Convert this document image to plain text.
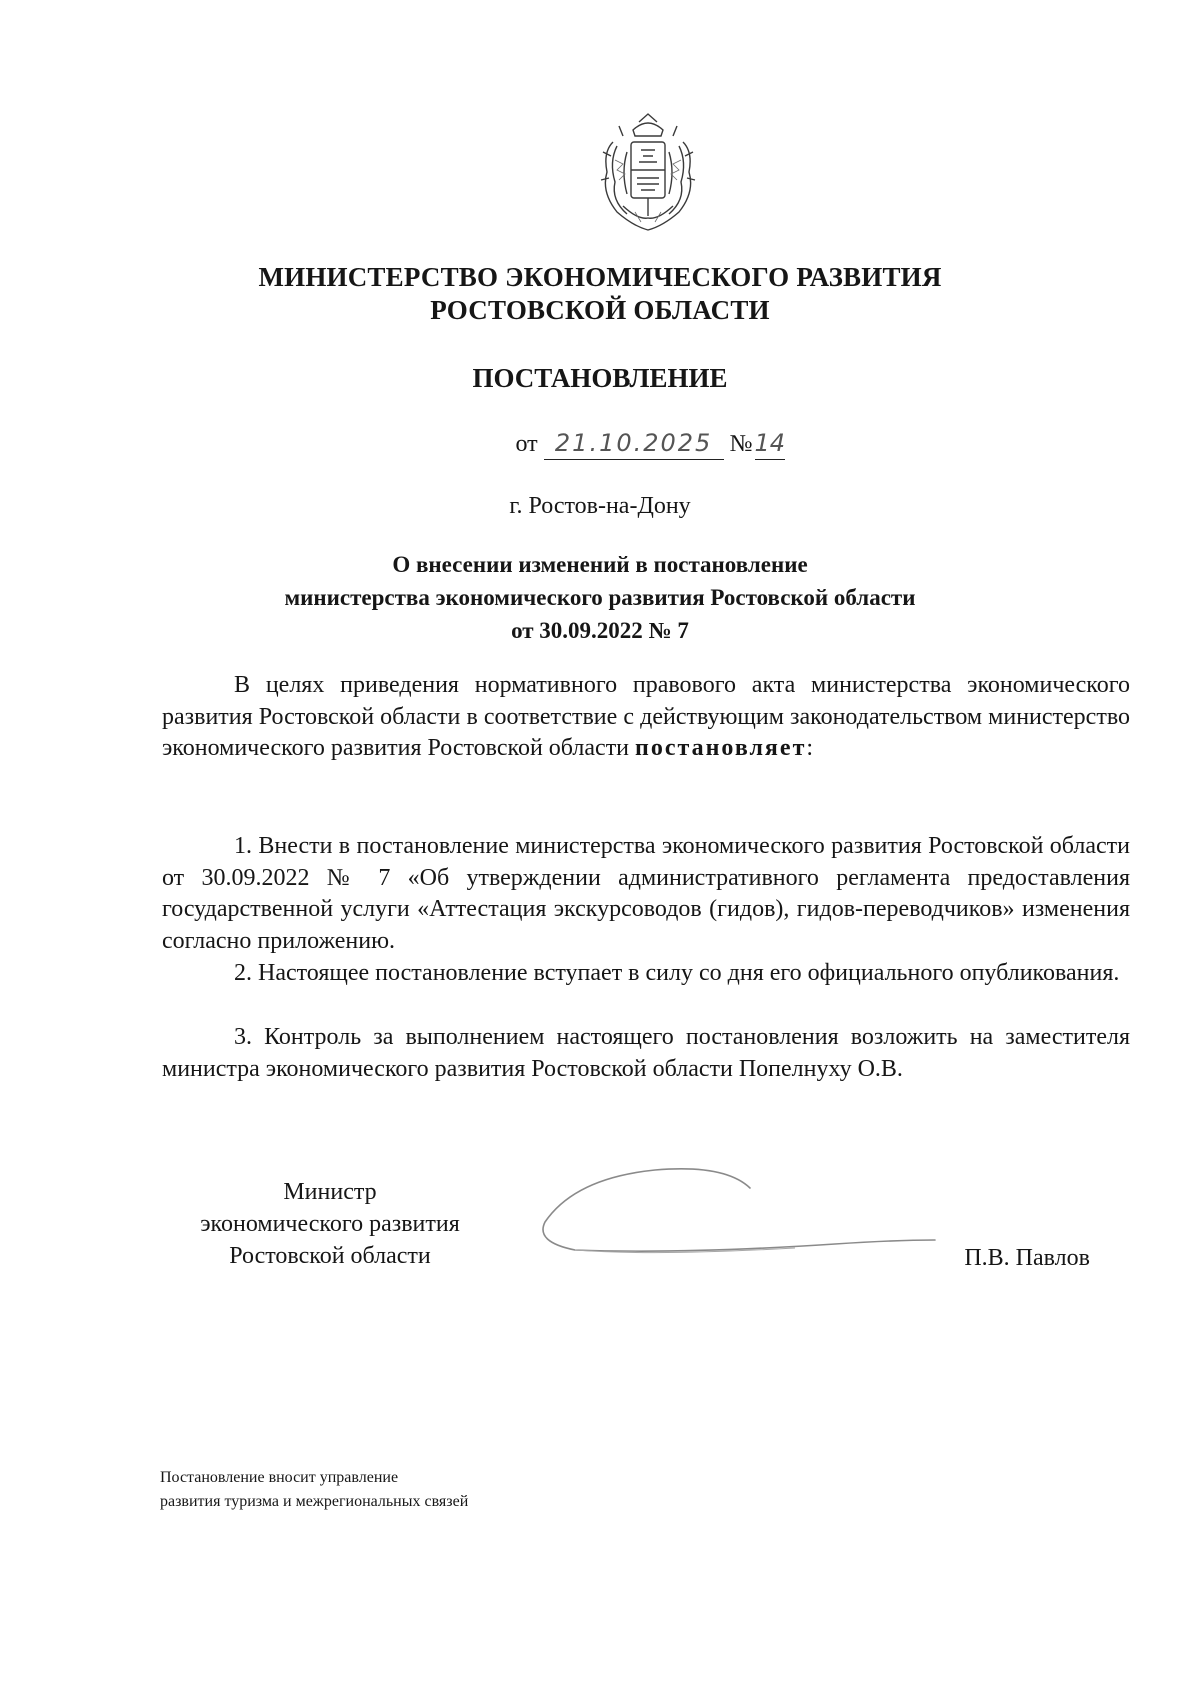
МИНИСТЕРСТВО ЭКОНОМИЧЕСКОГО РАЗВИТИЯ
РОСТОВСКОЙ ОБЛАСТИ
ПОСТАНОВЛЕНИЕ
от 21.10.2025 №14
г. Ростов-на-Дону
О внесении изменений в постановление
министерства экономического развития Ростовской области
от 30.09.2022 № 7
В целях приведения нормативного правового акта министерства экономического развития Ростовской области в соответствие с действующим законодательством министерство экономического развития Ростовской области постановляет:
1. Внести в постановление министерства экономического развития Ростовской области от 30.09.2022 № 7 «Об утверждении административного регламента предоставления государственной услуги «Аттестация экскурсоводов (гидов), гидов-переводчиков» изменения согласно приложению.
2. Настоящее постановление вступает в силу со дня его официального опубликования.
3. Контроль за выполнением настоящего постановления возложить на заместителя министра экономического развития Ростовской области Попелнуху О.В.
Министр
экономического развития
Ростовской области	П.В. Павлов
Постановление вносит управление
развития туризма и межрегиональных связей
